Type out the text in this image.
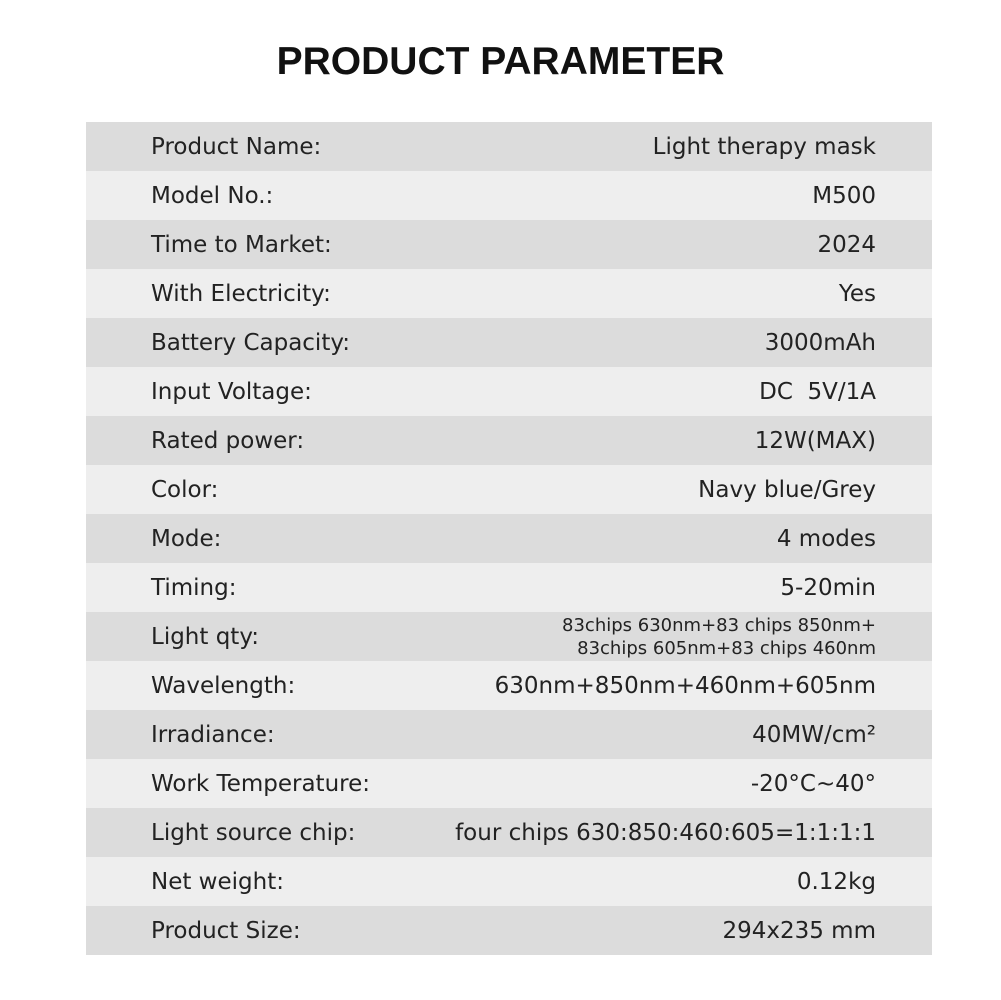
PRODUCT PARAMETER
Product Name:	Light therapy mask
Model No.:	M500
Time to Market:	2024
With Electricity:	Yes
Battery Capacity:	3000mAh
Input Voltage:	DC  5V/1A
Rated power:	12W(MAX)
Color:	Navy blue/Grey
Mode:	4 modes
Timing:	5-20min
Light qty:	83chips 630nm+83 chips 850nm+
83chips 605nm+83 chips 460nm
Wavelength:	630nm+850nm+460nm+605nm
Irradiance:	40MW/cm²
Work Temperature:	-20°C~40°
Light source chip:	four chips 630:850:460:605=1:1:1:1
Net weight:	0.12kg
Product Size:	294x235 mm
